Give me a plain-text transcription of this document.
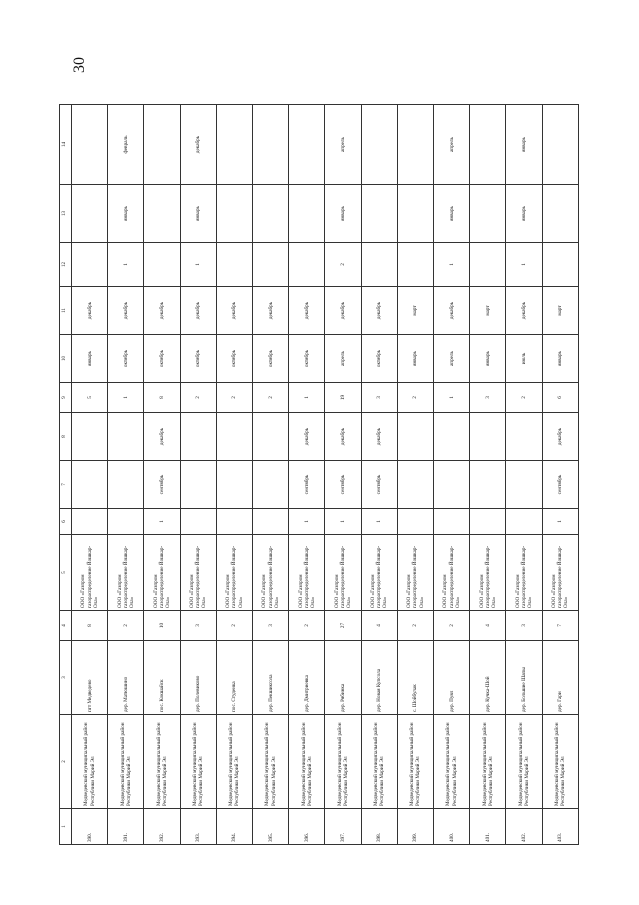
30
1	2	3	4	5	6	7	8	9	10	11	12	13	14
390.	Медведевский муниципальный район Республики Марий Эл	пгт Медведево	8	ООО «Газпром газораспределение Йошкар-Ола»				5	январь	декабрь			
391.	Медведевский муниципальный район Республики Марий Эл	дер. Матюшино	2	ООО «Газпром газораспределение Йошкар-Ола»				1	октябрь	декабрь	1	январь	февраль
392.	Медведевский муниципальный район Республики Марий Эл	пос. Кокшайск	10	ООО «Газпром газораспределение Йошкар-Ола»	1	сентябрь	декабрь	8	октябрь	декабрь			
393.	Медведевский муниципальный район Республики Марий Эл	дер. Полевиково	3	ООО «Газпром газораспределение Йошкар-Ола»				2	октябрь	декабрь	1	январь	декабрь
394.	Медведевский муниципальный район Республики Марий Эл	пос. Студенка	2	ООО «Газпром газораспределение Йошкар-Ола»				2	октябрь	декабрь			
395.	Медведевский муниципальный район Республики Марий Эл	дер. Пекшиксола	3	ООО «Газпром газораспределение Йошкар-Ола»				2	октябрь	декабрь			
396.	Медведевский муниципальный район Республики Марий Эл	дер. Дмитриевка	2	ООО «Газпром газораспределение Йошкар-Ола»	1	сентябрь	декабрь	1	октябрь	декабрь			
397.	Медведевский муниципальный район Республики Марий Эл	дер. Рябинка	27	ООО «Газпром газораспределение Йошкар-Ола»	1	сентябрь	декабрь	19	апрель	декабрь	2	январь	апрель
398.	Медведевский муниципальный район Республики Марий Эл	дер. Новая Купсола	4	ООО «Газпром газораспределение Йошкар-Ола»	1	сентябрь	декабрь	3	октябрь	декабрь			
399.	Медведевский муниципальный район Республики Марий Эл	с. Шойбулак	2	ООО «Газпром газораспределение Йошкар-Ола»				2	январь	март			
400.	Медведевский муниципальный район Республики Марий Эл	дер. Пуял	2	ООО «Газпром газораспределение Йошкар-Ола»				1	апрель	декабрь	1	январь	апрель
401.	Медведевский муниципальный район Республики Марий Эл	дер. Кучка-Шой	4	ООО «Газпром газораспределение Йошкар-Ола»				3	январь	март			
402.	Медведевский муниципальный район Республики Марий Эл	дер. Большие Шапы	3	ООО «Газпром газораспределение Йошкар-Ола»				2	июль	декабрь	1	январь	январь
403.	Медведевский муниципальный район Республики Марий Эл	дер. Гари	7	ООО «Газпром газораспределение Йошкар-Ола»	1	сентябрь	декабрь	6	январь	март			
